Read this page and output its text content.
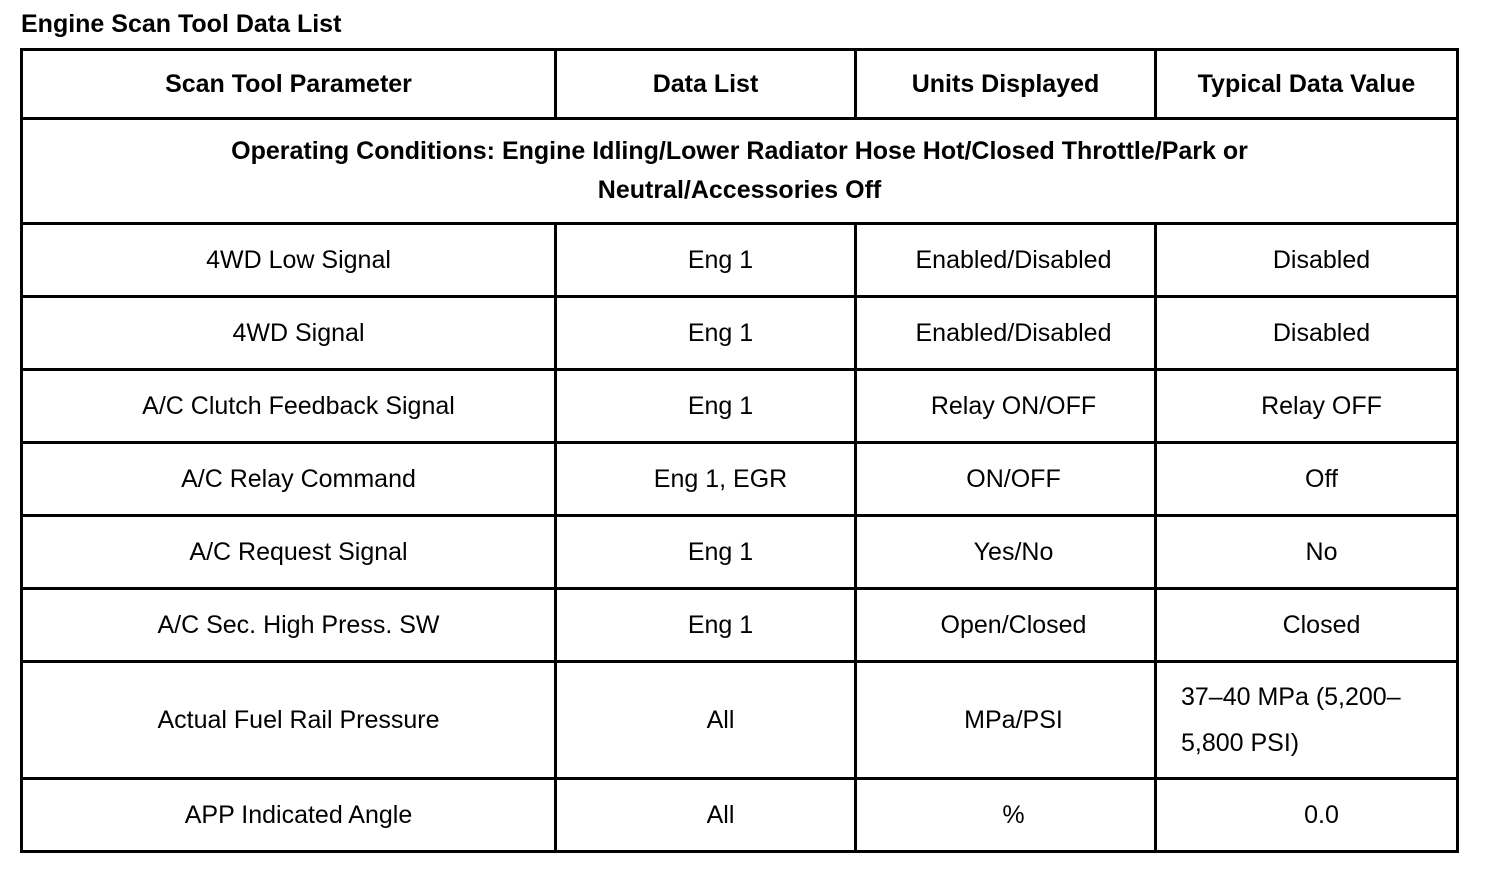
Engine Scan Tool Data List
Scan Tool Parameter	Data List	Units Displayed	Typical Data Value
Operating Conditions: Engine Idling/Lower Radiator Hose Hot/Closed Throttle/Park or Neutral/Accessories Off			
4WD Low Signal	Eng 1	Enabled/Disabled	Disabled
4WD Signal	Eng 1	Enabled/Disabled	Disabled
A/C Clutch Feedback Signal	Eng 1	Relay ON/OFF	Relay OFF
A/C Relay Command	Eng 1, EGR	ON/OFF	Off
A/C Request Signal	Eng 1	Yes/No	No
A/C Sec. High Press. SW	Eng 1	Open/Closed	Closed
Actual Fuel Rail Pressure	All	MPa/PSI	37–40 MPa (5,200–5,800 PSI)
APP Indicated Angle	All	%	0.0
